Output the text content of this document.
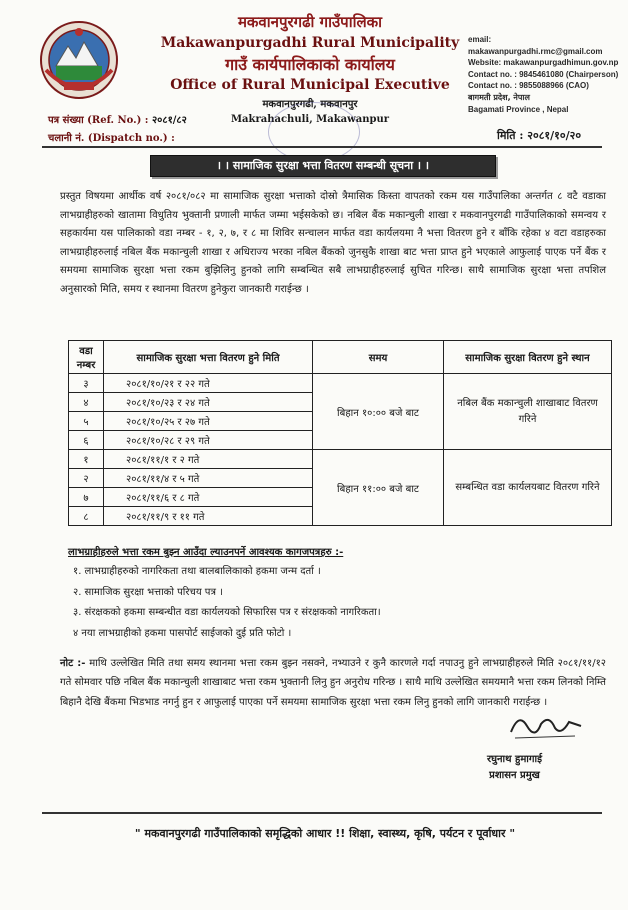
मकवानपुरगढी गाउँपालिका
Makawanpurgadhi Rural Municipality
गाउँ कार्यपालिकाको कार्यालय
Office of Rural Municipal Executive
मकवानपुरगढी, मकवानपुर
Makrahachuli, Makawanpur
email: makawanpurgadhi.rmc@gmail.com
Website: makawanpurgadhimun.gov.np
Contact no. : 9845461080 (Chairperson)
Contact no. : 9855088966 (CAO)
बागमती प्रदेश, नेपाल
Bagamati Province , Nepal
पत्र संख्या (Ref. No.) : २०८१/८२
चलानी नं. (Dispatch no.) :	मिति : २०८१/१०/२०
। । सामाजिक सुरक्षा भत्ता वितरण सम्बन्धी सूचना । ।
प्रस्तुत विषयमा आर्थीक वर्ष २०८१/०८२ मा सामाजिक सुरक्षा भत्ताको दोस्रो त्रैमासिक किस्ता वापतको रकम यस गाउँपालिका अन्तर्गत ८ वटै वडाका लाभग्राहीहरुको खातामा विधुतिय भुक्तानी प्रणाली मार्फत जम्मा भईसकेको छ। नबिल बैंक मकान्चुली शाखा र मकवानपुरगढी गाउँपालिकाको समन्वय र सहकार्यमा यस पालिकाको वडा नम्बर - १, २, ७, र ८ मा शिविर सन्चालन मार्फत वडा कार्यलयमा नै भत्ता वितरण हुने र बाँकि रहेका ४ वटा वडाहरुका लाभग्राहीहरुलाई नबिल बैंक मकान्चुली शाखा र अधिराज्य भरका नबिल बैंकको जुनसुकै शाखा बाट भत्ता प्राप्त हुने भएकाले आफुलाई पाएक पर्ने बैंक र समयमा सामाजिक सुरक्षा भत्ता रकम बुझिलिनु हुनको लागि सम्बन्धित सबै लाभग्राहीहरुलाई सुचित गरिन्छ। साथै सामाजिक सुरक्षा भत्ता तपशिल अनुसारको मिति, समय र स्थानमा वितरण हुनेकुरा जानकारी गराईन्छ ।
वडा नम्बर	सामाजिक सुरक्षा भत्ता वितरण हुने मिति	समय	सामाजिक सुरक्षा वितरण हुने स्थान
३	२०८१/१०/२१ र २२ गते	बिहान १०:०० बजे बाट	नबिल बैंक मकान्चुली शाखाबाट वितरण गरिने
४	२०८१/१०/२३ र २४ गते		
५	२०८१/१०/२५ र २७ गते		
६	२०८१/१०/२८ र २९ गते		
१	२०८१/११/१ र २ गते	बिहान ११:०० बजे बाट	सम्बन्धित वडा कार्यलयबाट वितरण गरिने
२	२०८१/११/४ र ५ गते		
७	२०८१/११/६ र ८ गते		
८	२०८१/११/९ र ११ गते		
लाभग्राहीहरुले भत्ता रकम बुझ्न आउँदा ल्याउनपर्ने आवश्यक कागजपत्रहरु :-
१. लाभग्राहीहरुको नागरिकता तथा बालबालिकाको हकमा जन्म दर्ता ।
२. सामाजिक सुरक्षा भत्ताको परिचय पत्र ।
३. संरक्षकको हकमा सम्बन्धीत वडा कार्यलयको सिफारिस पत्र र संरक्षकको नागरिकता।
४ नया लाभग्राहीको हकमा पासपोर्ट साईजको दुई प्रति फोटो ।
नोट :- माथि उल्लेखित मिति तथा समय स्थानमा भत्ता रकम बुझ्न नसक्ने, नभ्याउने र कुनै कारणले गर्दा नपाउनु हुने लाभग्राहीहरुले मिति २०८१/११/१२ गते सोमवार पछि नबिल बैंक मकान्चुली शाखाबाट भत्ता रकम भुक्तानी लिनु हुन अनुरोध गरिन्छ । साथै माथि उल्लेखित समयमानै भत्ता रकम लिनको निम्ति बिहानै देखि बैंकमा भिडभाड नगर्नु हुन र आफुलाई पाएका पर्ने समयमा सामाजिक सुरक्षा भत्ता रकम लिनु हुनको लागि जानकारी गराईन्छ ।
रघुनाथ हुमागाई
प्रशासन प्रमुख
" मकवानपुरगढी गाउँपालिकाको समृद्धिको आधार !! शिक्षा, स्वास्थ्य, कृषि, पर्यटन र पूर्वाधार "
